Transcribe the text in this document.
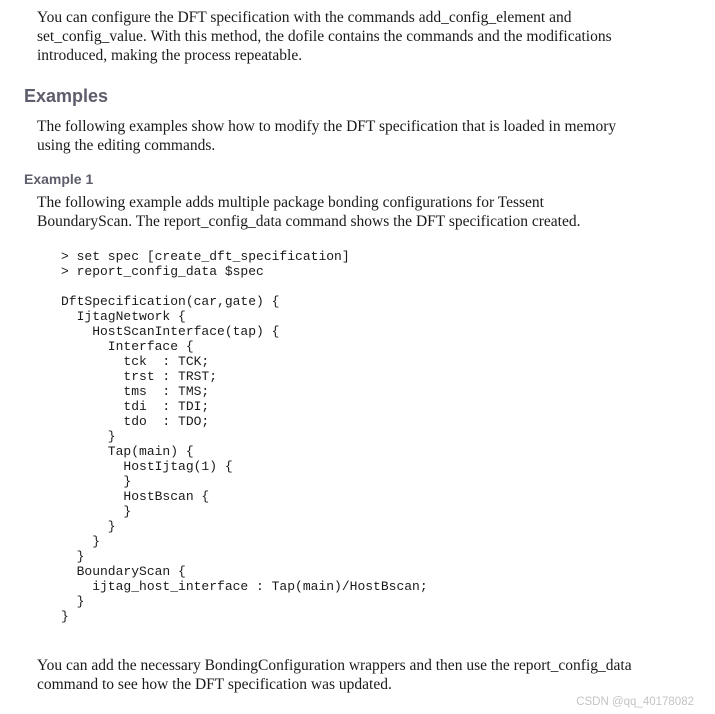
You can configure the DFT specification with the commands add_config_element and
set_config_value. With this method, the dofile contains the commands and the modifications
introduced, making the process repeatable.

Examples

The following examples show how to modify the DFT specification that is loaded in memory
using the editing commands.

Example 1

The following example adds multiple package bonding configurations for Tessent
BoundaryScan. The report_config_data command shows the DFT specification created.

> set spec [create_dft_specification]
> report_config_data $spec
DftSpecification(car,gate) {
IjtagNetwork {
HostScanInterface(tap) {
Interface {
tck  : TCK;
trst : TRST;
tms  : TMS;
tdi  : TDI;
tdo  : TDO;
}
Tap(main) {
HostIjtag(1) {
}
HostBscan {
}
}
}
}
BoundaryScan {
ijtag_host_interface : Tap(main)/HostBscan;
}
}

You can add the necessary BondingConfiguration wrappers and then use the report_config_data
command to see how the DFT specification was updated.

CSDN @qq_40178082
